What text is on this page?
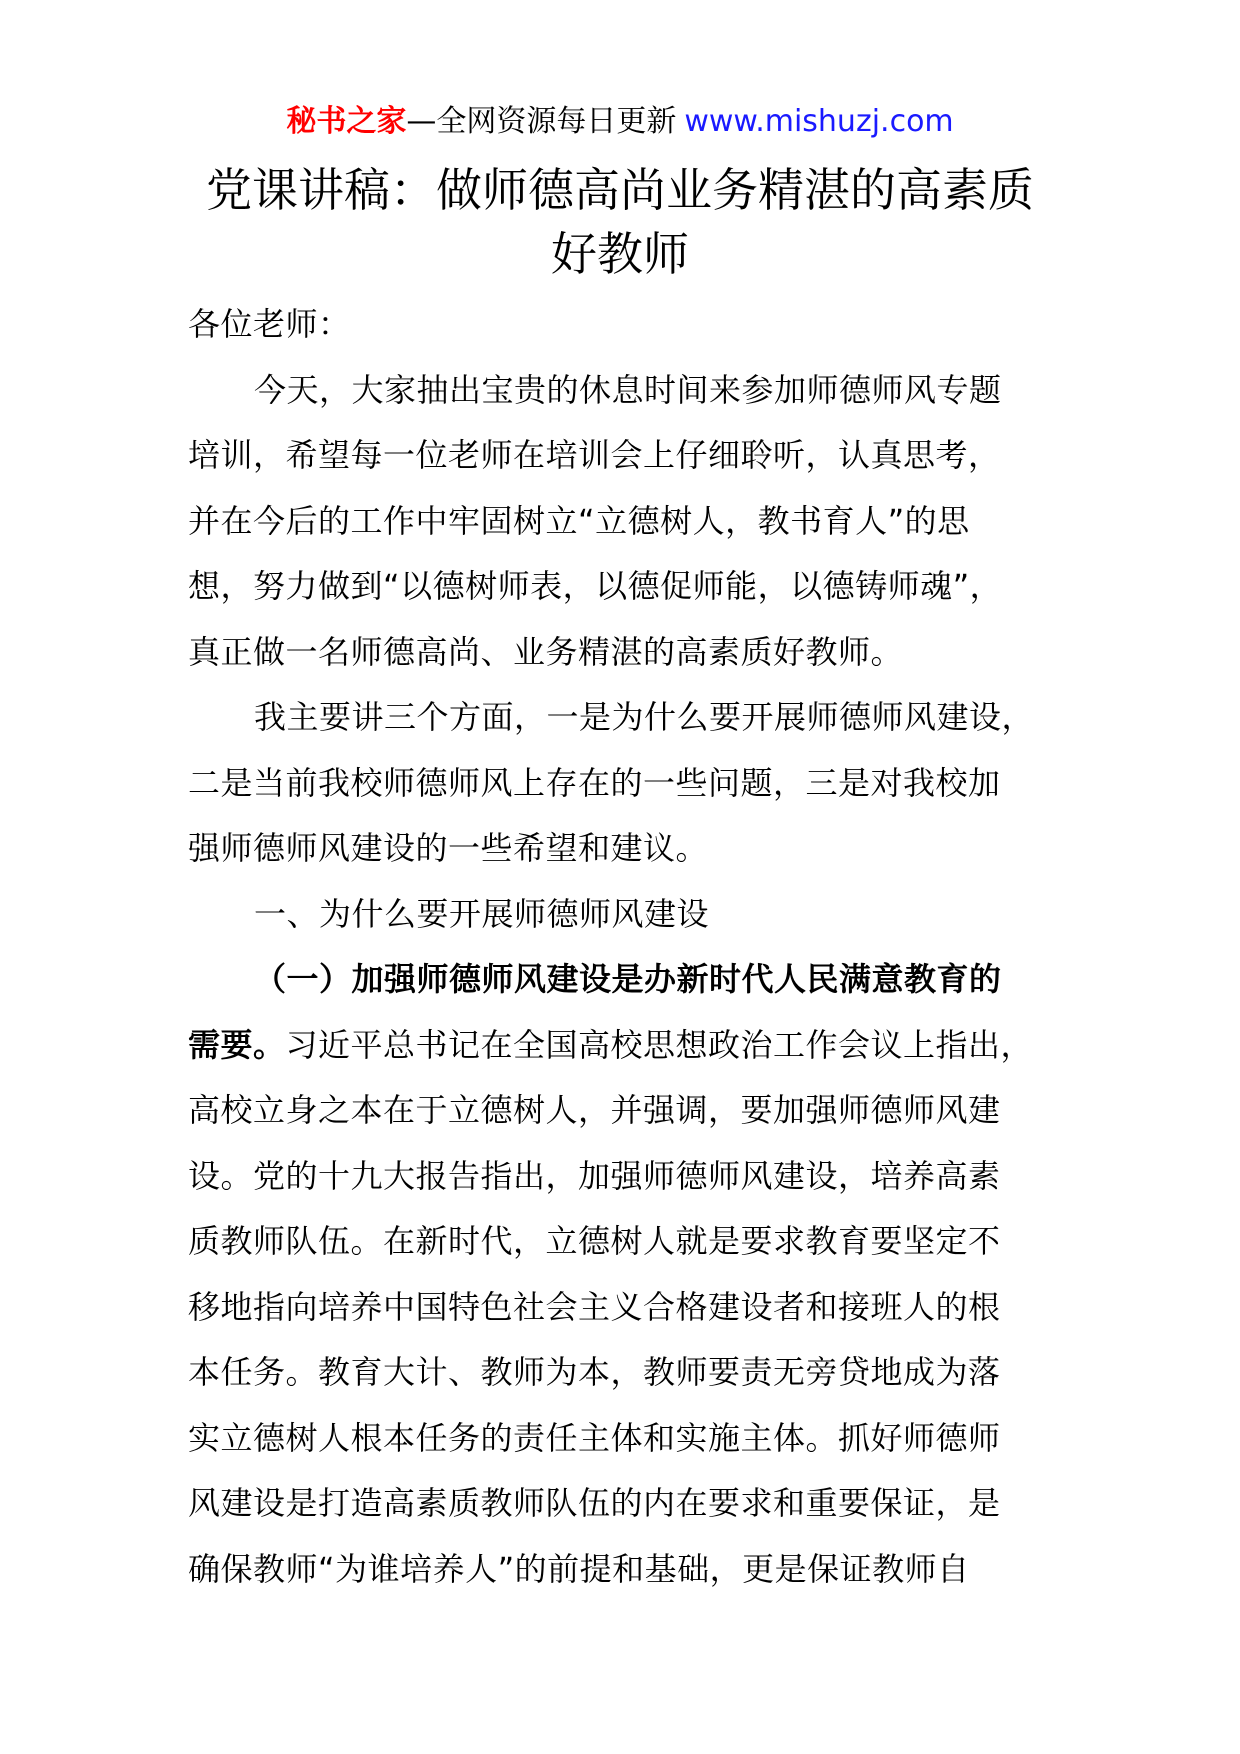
秘书之家—全网资源每日更新 www.mishuzj.com
党课讲稿：做师德高尚业务精湛的高素质
好教师
各位老师：
今天，大家抽出宝贵的休息时间来参加师德师风专题
培训，希望每一位老师在培训会上仔细聆听，认真思考，
并在今后的工作中牢固树立“立德树人，教书育人”的思
想，努力做到“以德树师表，以德促师能，以德铸师魂”，
真正做一名师德高尚、业务精湛的高素质好教师。
我主要讲三个方面，一是为什么要开展师德师风建设，
二是当前我校师德师风上存在的一些问题，三是对我校加
强师德师风建设的一些希望和建议。
一、为什么要开展师德师风建设
（一）加强师德师风建设是办新时代人民满意教育的
需要。习近平总书记在全国高校思想政治工作会议上指出，
高校立身之本在于立德树人，并强调，要加强师德师风建
设。党的十九大报告指出，加强师德师风建设，培养高素
质教师队伍。在新时代，立德树人就是要求教育要坚定不
移地指向培养中国特色社会主义合格建设者和接班人的根
本任务。教育大计、教师为本，教师要责无旁贷地成为落
实立德树人根本任务的责任主体和实施主体。抓好师德师
风建设是打造高素质教师队伍的内在要求和重要保证，是
确保教师“为谁培养人”的前提和基础，更是保证教师自
